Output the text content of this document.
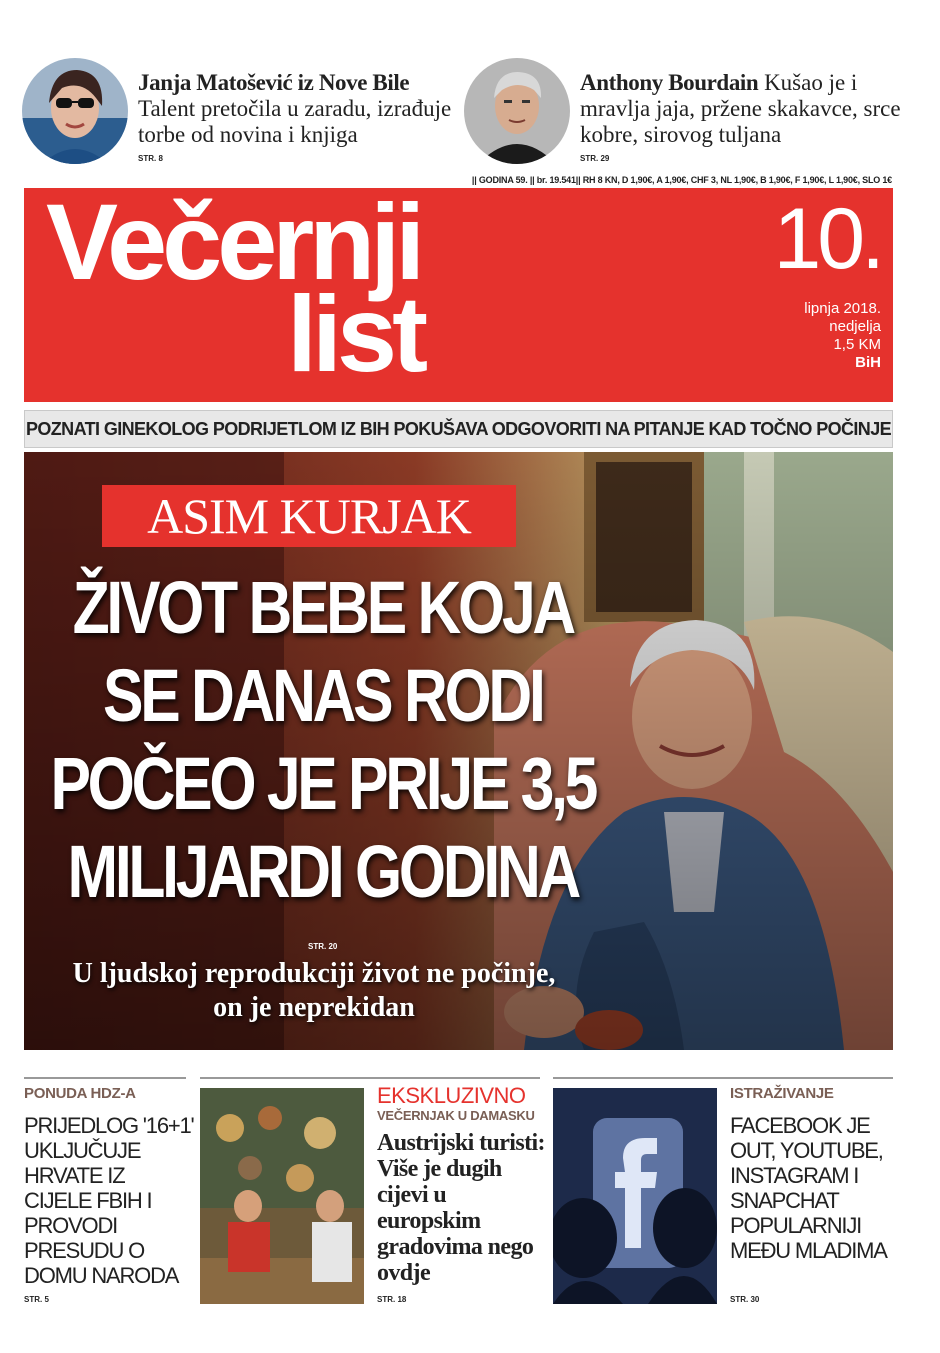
Janja Matošević iz Nove Bile
Talent pretočila u zaradu, izrađuje torbe od novina i knjiga
STR. 8
Anthony Bourdain Kušao je i mravlja jaja, pržene skakavce, srce kobre, sirovog tuljana
STR. 29
|| GODINA 59. || br. 19.541|| RH 8 KN, D 1,90€, A 1,90€, CHF 3, NL 1,90€, B 1,90€, F 1,90€, L 1,90€, SLO 1€
Večernji
list
10.
lipnja 2018.
nedjelja
1,5 KM
BiH
POZNATI GINEKOLOG PODRIJETLOM IZ BIH POKUŠAVA ODGOVORITI NA PITANJE KAD TOČNO POČINJE
ASIM KURJAK
ŽIVOT BEBE KOJA
SE DANAS RODI
POČEO JE PRIJE 3,5
MILIJARDI GODINA
STR. 20
U ljudskoj reprodukciji život ne počinje, on je neprekidan
PONUDA HDZ-A
PRIJEDLOG '16+1' UKLJUČUJE HRVATE IZ CIJELE FBIH I PROVODI PRESUDU O DOMU NARODA
STR. 5
EKSKLUZIVNO
VEČERNJAK U DAMASKU
Austrijski turisti: Više je dugih cijevi u europskim gradovima nego ovdje
STR. 18
ISTRAŽIVANJE
FACEBOOK JE OUT, YOUTUBE, INSTAGRAM I SNAPCHAT POPULARNIJI MEĐU MLADIMA
STR. 30
